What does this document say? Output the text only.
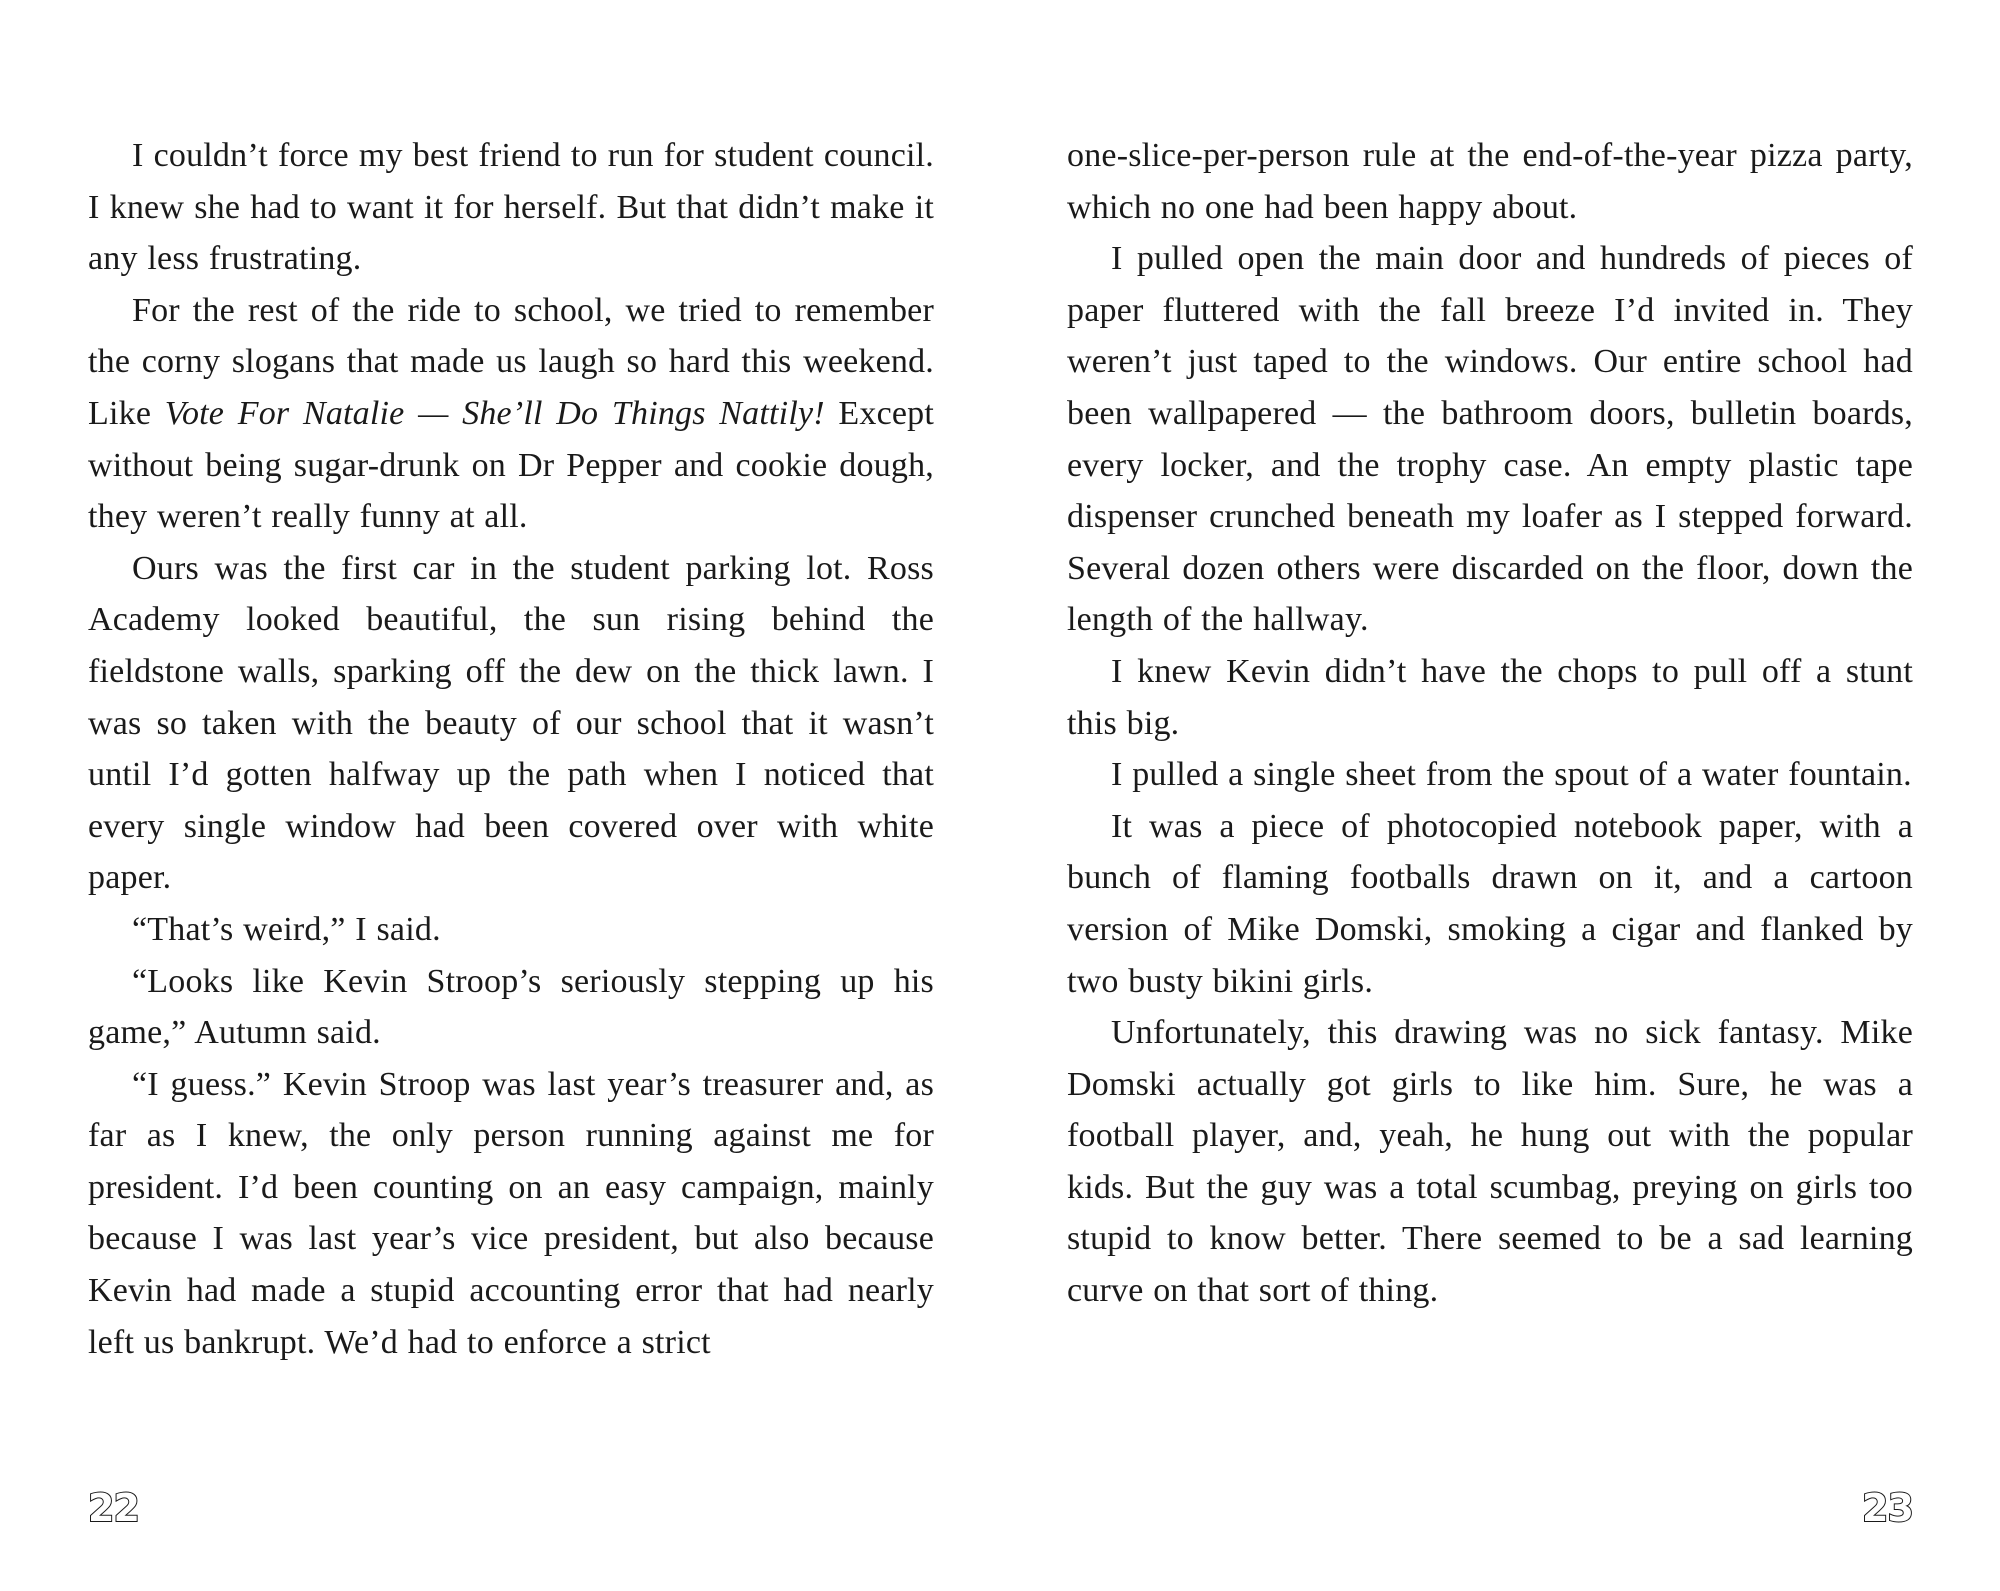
I couldn’t force my best friend to run for student council. I knew she had to want it for herself. But that didn’t make it any less frustrating.

For the rest of the ride to school, we tried to remember the corny slogans that made us laugh so hard this weekend. Like Vote For Natalie — She’ll Do Things Nattily! Except without being sugar-drunk on Dr Pepper and cookie dough, they weren’t really funny at all.

Ours was the first car in the student parking lot. Ross Academy looked beautiful, the sun rising behind the fieldstone walls, sparking off the dew on the thick lawn. I was so taken with the beauty of our school that it wasn’t until I’d gotten halfway up the path when I noticed that every single window had been covered over with white paper.

“That’s weird,” I said.

“Looks like Kevin Stroop’s seriously stepping up his game,” Autumn said.

“I guess.” Kevin Stroop was last year’s treasurer and, as far as I knew, the only person running against me for president. I’d been counting on an easy campaign, mainly because I was last year’s vice president, but also because Kevin had made a stupid accounting error that had nearly left us bankrupt. We’d had to enforce a strict

one-slice-per-person rule at the end-of-the-year pizza party, which no one had been happy about.

I pulled open the main door and hundreds of pieces of paper fluttered with the fall breeze I’d invited in. They weren’t just taped to the windows. Our entire school had been wallpapered — the bathroom doors, bulletin boards, every locker, and the trophy case. An empty plastic tape dispenser crunched beneath my loafer as I stepped forward. Several dozen others were discarded on the floor, down the length of the hallway.

I knew Kevin didn’t have the chops to pull off a stunt this big.

I pulled a single sheet from the spout of a water fountain.

It was a piece of photocopied notebook paper, with a bunch of flaming footballs drawn on it, and a cartoon version of Mike Domski, smoking a cigar and flanked by two busty bikini girls.

Unfortunately, this drawing was no sick fantasy. Mike Domski actually got girls to like him. Sure, he was a football player, and, yeah, he hung out with the popular kids. But the guy was a total scumbag, preying on girls too stupid to know better. There seemed to be a sad learning curve on that sort of thing.

22	23
